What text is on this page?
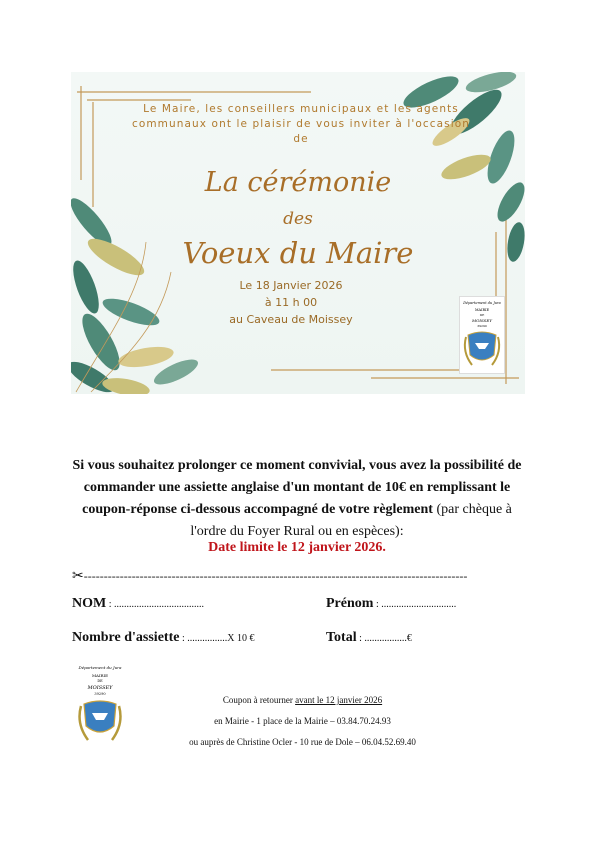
Le Maire, les conseillers municipaux et les agents communaux ont le plaisir de vous inviter à l'occasion de
La cérémonie
des
Voeux du Maire
Le 18 Janvier 2026
à 11 h 00
au Caveau de Moissey
Département du Jura
MAIRIE
DE
MOISSEY
39290
Si vous souhaitez prolonger ce moment convivial, vous avez la possibilité de commander une assiette anglaise d'un montant de 10€ en remplissant le coupon-réponse ci-dessous accompagné de votre règlement (par chèque à l'ordre du Foyer Rural ou en espèces):
Date limite le 12 janvier 2026.
✂------------------------------------------------------------------------------------------------
NOM : ....................................	Prénom : ..............................
Nombre d'assiette : ................X 10 €	Total : .................€
Département du Jura
MAIRIE
DE
MOISSEY
39290
Coupon à retourner avant le 12 janvier 2026
en Mairie - 1 place de la Mairie – 03.84.70.24.93
ou auprès de Christine Ocler - 10 rue de Dole – 06.04.52.69.40
